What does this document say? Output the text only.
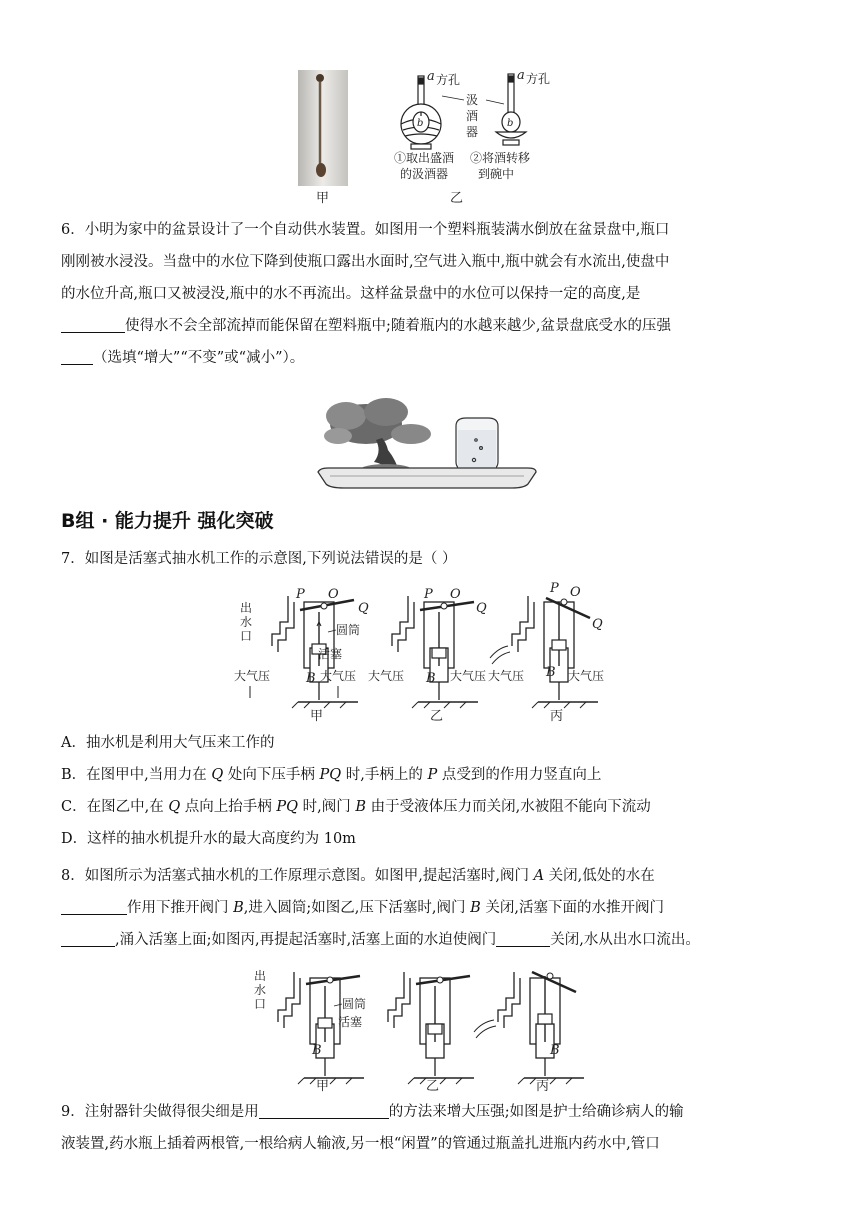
甲
a 方孔
b
汲
酒
器
a 方孔
b
①取出盛酒
的汲酒器
②将酒转移
到碗中
乙
6．小明为家中的盆景设计了一个自动供水装置。如图用一个塑料瓶装满水倒放在盆景盘中,瓶口
刚刚被水浸没。当盘中的水位下降到使瓶口露出水面时,空气进入瓶中,瓶中就会有水流出,使盘中
的水位升高,瓶口又被浸没,瓶中的水不再流出。这样盆景盘中的水位可以保持一定的高度,是
使得水不会全部流掉而能保留在塑料瓶中;随着瓶内的水越来越少,盆景盘底受水的压强
（选填“增大”“不变”或“减小”）。
B组 · 能力提升 强化突破
7．如图是活塞式抽水机工作的示意图,下列说法错误的是（ ）
P O
Q
出
水
口	圆筒
活塞
B
大气压	大气压
甲
P O
Q
B
大气压	大气压
乙
P O
Q
B
大气压	大气压
丙
A．抽水机是利用大气压来工作的
B．在图甲中,当用力在 Q 处向下压手柄 PQ 时,手柄上的 P 点受到的作用力竖直向上
C．在图乙中,在 Q 点向上抬手柄 PQ 时,阀门 B 由于受液体压力而关闭,水被阻不能向下流动
D．这样的抽水机提升水的最大高度约为 10m
8．如图所示为活塞式抽水机的工作原理示意图。如图甲,提起活塞时,阀门 A 关闭,低处的水在
作用下推开阀门 B,进入圆筒;如图乙,压下活塞时,阀门 B 关闭,活塞下面的水推开阀门
,涌入活塞上面;如图丙,再提起活塞时,活塞上面的水迫使阀门	关闭,水从出水口流出。
出
水
口	圆筒
活塞
B
甲	乙
B
丙
9．注射器针尖做得很尖细是用	的方法来增大压强;如图是护士给确诊病人的输
液装置,药水瓶上插着两根管,一根给病人输液,另一根“闲置”的管通过瓶盖扎进瓶内药水中,管口
